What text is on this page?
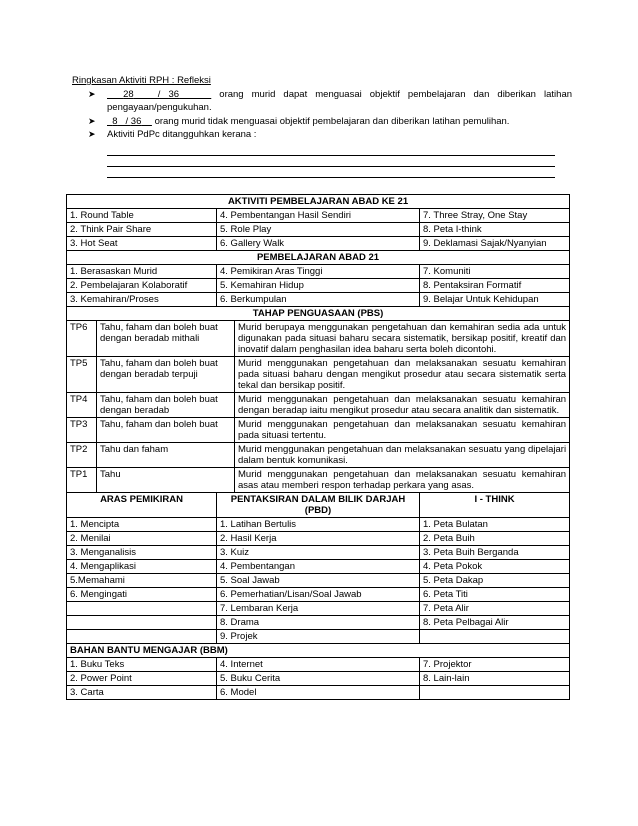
Ringkasan Aktiviti RPH : Refleksi
➤	28   / 36	orang murid dapat menguasai objektif pembelajaran dan diberikan latihan pengayaan/pengukuhan.
➤ 8   / 36 orang murid tidak menguasai objektif pembelajaran dan diberikan latihan pemulihan.
➤ Aktiviti PdPc ditangguhkan kerana :
AKTIVITI PEMBELAJARAN ABAD KE 21				
1. Round Table		4. Pembentangan Hasil Sendiri		7. Three Stray, One Stay
2. Think Pair Share		5. Role Play		8. Peta I-think
3. Hot Seat		6. Gallery Walk		9. Deklamasi Sajak/Nyanyian
PEMBELAJARAN ABAD 21				
1. Berasaskan Murid		4. Pemikiran Aras Tinggi		7. Komuniti
2. Pembelajaran Kolaboratif		5. Kemahiran Hidup		8. Pentaksiran Formatif
3. Kemahiran/Proses		6. Berkumpulan		9. Belajar Untuk Kehidupan
TAHAP PENGUASAAN (PBS)				
TP6	Tahu, faham dan boleh buat dengan beradab mithali		Murid berupaya menggunakan pengetahuan dan kemahiran sedia ada untuk digunakan pada situasi baharu secara sistematik, bersikap positif, kreatif dan inovatif dalam penghasilan idea baharu serta boleh dicontohi.	
TP5	Tahu, faham dan boleh buat dengan beradab terpuji		Murid menggunakan pengetahuan dan melaksanakan sesuatu kemahiran pada situasi baharu dengan mengikut prosedur atau secara sistematik serta tekal dan bersikap positif.	
TP4	Tahu, faham dan boleh buat dengan beradab		Murid menggunakan pengetahuan dan melaksanakan sesuatu kemahiran dengan beradap iaitu mengikut prosedur atau secara analitik dan sistematik.	
TP3	Tahu, faham dan boleh buat		Murid menggunakan pengetahuan dan melaksanakan sesuatu kemahiran pada situasi tertentu.	
TP2	Tahu dan faham		Murid menggunakan pengetahuan dan melaksanakan sesuatu yang dipelajari dalam bentuk komunikasi.	
TP1	Tahu		Murid menggunakan pengetahuan dan melaksanakan sesuatu kemahiran asas atau memberi respon terhadap perkara yang asas.	
ARAS PEMIKIRAN		PENTAKSIRAN DALAM BILIK DARJAH (PBD)		I - THINK
1. Mencipta		1. Latihan Bertulis		1. Peta Bulatan
2. Menilai		2. Hasil Kerja		2. Peta Buih
3. Menganalisis		3. Kuiz		3. Peta Buih Berganda
4. Mengaplikasi		4. Pembentangan		4. Peta Pokok
5.Memahami		5. Soal Jawab		5. Peta Dakap
6. Mengingati		6. Pemerhatian/Lisan/Soal Jawab		6. Peta Titi
		7. Lembaran Kerja		7. Peta Alir
		8. Drama		8. Peta Pelbagai Alir
		9. Projek		
BAHAN BANTU MENGAJAR (BBM)				
1. Buku Teks		4. Internet		7. Projektor
2. Power Point		5. Buku Cerita		8. Lain-lain
3. Carta		6. Model		
